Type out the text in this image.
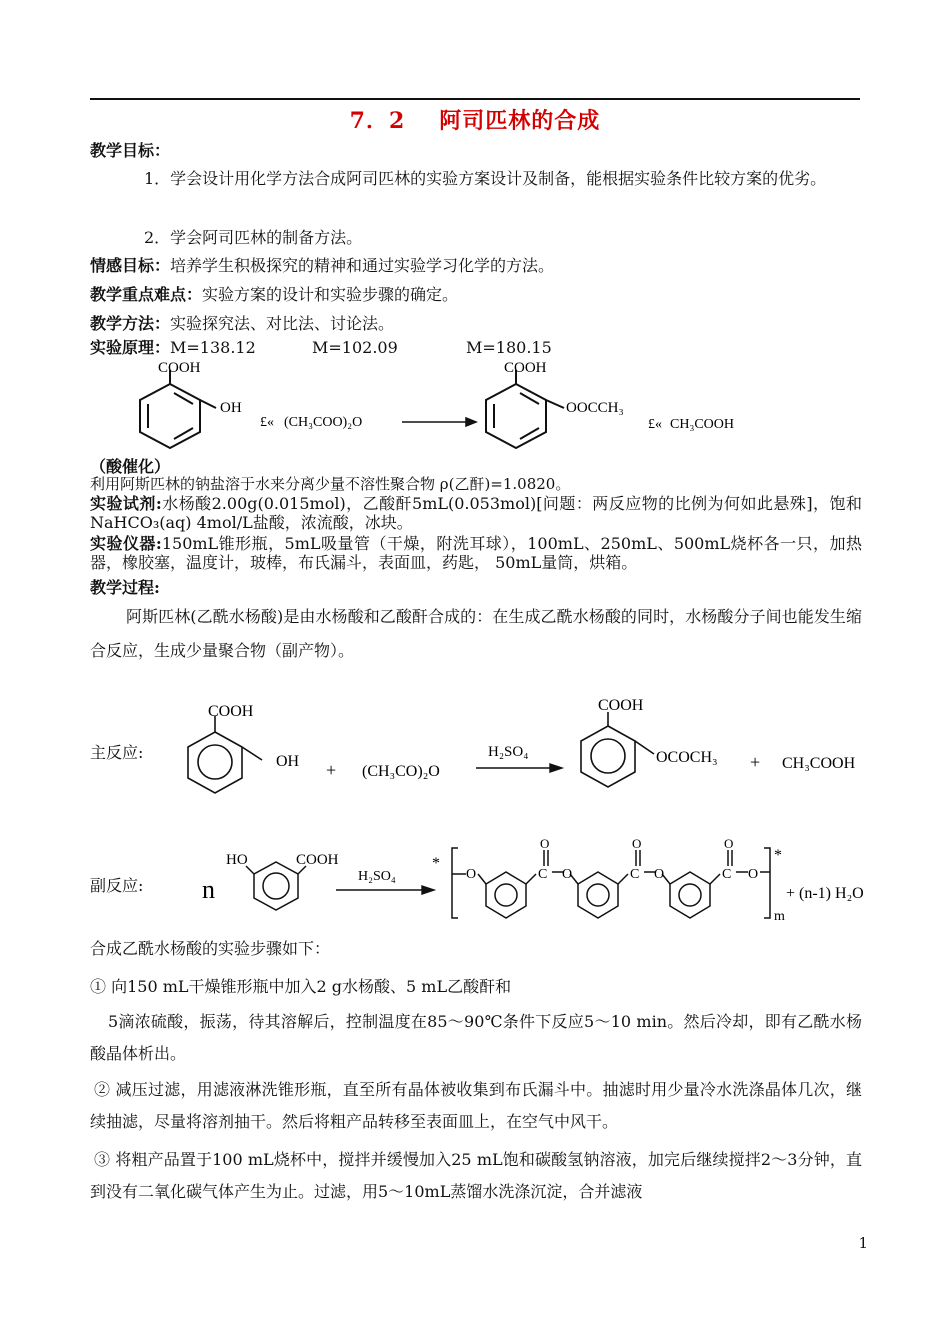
7．2 阿司匹林的合成
教学目标：
1．学会设计用化学方法合成阿司匹林的实验方案设计及制备，能根据实验条件比较方案的优劣。
2．学会阿司匹林的制备方法。
情感目标：培养学生积极探究的精神和通过实验学习化学的方法。
教学重点难点：实验方案的设计和实验步骤的确定。
教学方法：实验探究法、对比法、讨论法。
实验原理：M=138.12	M=102.09	M=180.15
COOH
OH
£« (CH₃COO)₂O
COOH
OOCCH₃
£« CH₃COOH
（酸催化）
利用阿斯匹林的钠盐溶于水来分离少量不溶性聚合物 ρ(乙酐)=1.0820。
实验试剂:水杨酸2.00g(0.015mol)，乙酸酐5mL(0.053mol)[问题：两反应物的比例为何如此悬殊]，饱和NaHCO₃(aq) 4mol/L盐酸，浓流酸，冰块。
实验仪器:150mL锥形瓶，5mL吸量管（干燥，附洗耳球），100mL、250mL、500mL烧杯各一只，加热器，橡胶塞，温度计，玻棒，布氏漏斗，表面皿，药匙， 50mL量筒，烘箱。
教学过程:
阿斯匹林(乙酰水杨酸)是由水杨酸和乙酸酐合成的：在生成乙酰水杨酸的同时，水杨酸分子间也能发生缩合反应，生成少量聚合物（副产物）。
主反应:
COOH
OH + (CH₃CO)₂O
H₂SO₄
COOH
OCOCH₃ + CH₃COOH
副反应: n
HO	COOH
H₂SO₄
*
O
O
C O
O
C O
O
C O
*
m
+ (n-1) H₂O
合成乙酰水杨酸的实验步骤如下：
① 向150 mL干燥锥形瓶中加入2 g水杨酸、5 mL乙酸酐和
5滴浓硫酸，振荡，待其溶解后，控制温度在85～90℃条件下反应5～10 min。然后冷却，即有乙酰水杨酸晶体析出。
② 减压过滤，用滤液淋洗锥形瓶，直至所有晶体被收集到布氏漏斗中。抽滤时用少量冷水洗涤晶体几次，继续抽滤，尽量将溶剂抽干。然后将粗产品转移至表面皿上，在空气中风干。
③ 将粗产品置于100 mL烧杯中，搅拌并缓慢加入25 mL饱和碳酸氢钠溶液，加完后继续搅拌2～3分钟，直到没有二氧化碳气体产生为止。过滤，用5～10mL蒸馏水洗涤沉淀，合并滤液
1
